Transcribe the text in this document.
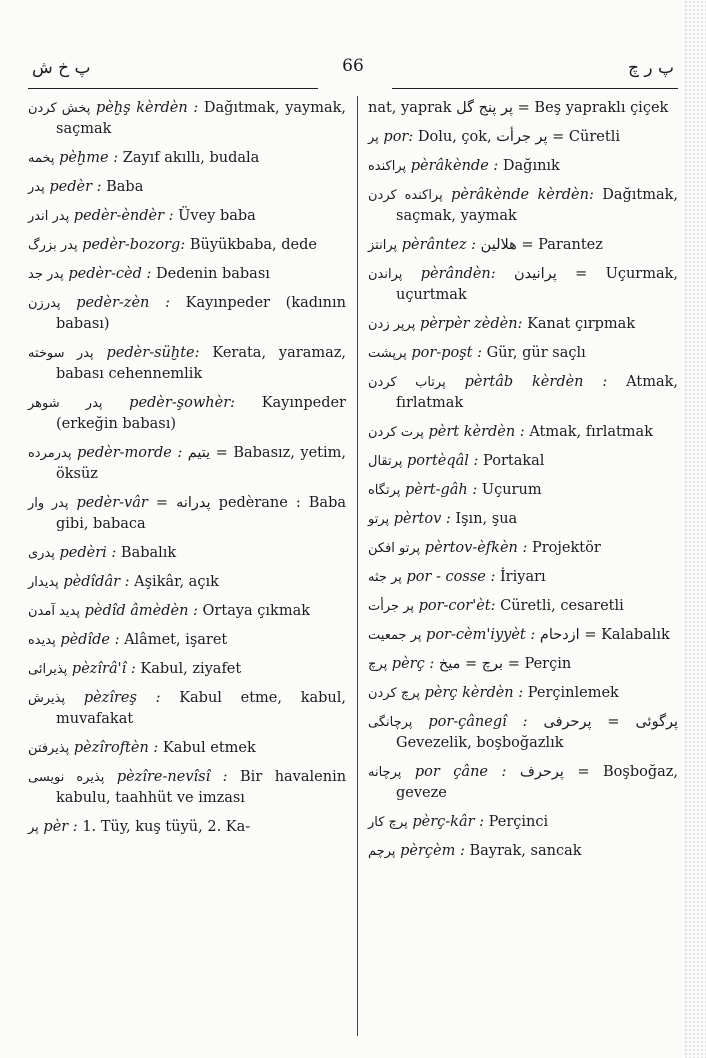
پ خ ش	66	پ ر چ

پخش کردن pèḫş kèrdèn : Dağıtmak, yaymak, saçmak

پخمه pèḫme : Zayıf akıllı, budala

پدر pedèr : Baba

پدر اندر pedèr-èndèr : Üvey baba

پدر بزرگ pedèr-bozorg: Büyükbaba, dede

پدر جد pedèr-cèd : Dedenin babası

پدرزن pedèr-zèn : Kayınpeder (kadının babası)

پدر سوخته pedèr-süḫte: Kerata, yaramaz, babası cehennemlik

پدر شوهر pedèr-şowhèr: Kayınpeder (erkeğin babası)

پدرمرده pedèr-morde : یتیم = Babasız, yetim, öksüz

پدر وار pedèr-vâr = پدرانه pedèrane : Baba gibi, babaca

پدری pedèri : Babalık

پدیدار pèdîdâr : Aşikâr, açık

پدید آمدن pèdîd âmèdèn : Ortaya çıkmak

پدیده pèdîde : Alâmet, işaret

پذیرائی pèzîrâ'î : Kabul, ziyafet

پذیرش pèzîreş : Kabul etme, kabul, muvafakat

پذیرفتن pèzîroftèn : Kabul etmek

پذیره نویسی pèzîre-nevîsî : Bir havalenin kabulu, taahhüt ve imzası

پر pèr : 1. Tüy, kuş tüyü, 2. Ka-

nat, yaprak پر پنج گل = Beş yapraklı çiçek

پر por: Dolu, çok, پر جرأت = Cüretli

پراکنده pèrâkènde : Dağınık

پراکنده کردن pèrâkènde kèrdèn: Dağıtmak, saçmak, yaymak

پرانتز pèrântez : هلالین = Parantez

پراندن pèrândèn: پرانیدن = Uçurmak, uçurtmak

پرپر زدن pèrpèr zèdèn: Kanat çırpmak

پرپشت por-poşt : Gür, gür saçlı

پرتاب کردن pèrtâb kèrdèn : Atmak, fırlatmak

پرت کردن pèrt kèrdèn : Atmak, fırlatmak

پرتقال portèqâl : Portakal

پرتگاه pèrt-gâh : Uçurum

پرتو pèrtov : Işın, şua

پرتو افکن pèrtov-èfkèn : Projektör

پر جثه por - cosse : İriyarı

پر جرأت por-cor'èt: Cüretli, cesaretli

پر جمعیت por-cèm'iyyèt : ازدحام = Kalabalık

پرچ pèrç : برچ = میخ = Perçin

پرچ کردن pèrç kèrdèn : Perçinlemek

پرچانگی por-çânegî : پرگوئی = پرحرفی Gevezelik, boşboğazlık

پرچانه por çâne : پرحرف = Boşboğaz, geveze

پرچ کار pèrç-kâr : Perçinci

پرچم pèrçèm : Bayrak, sancak
